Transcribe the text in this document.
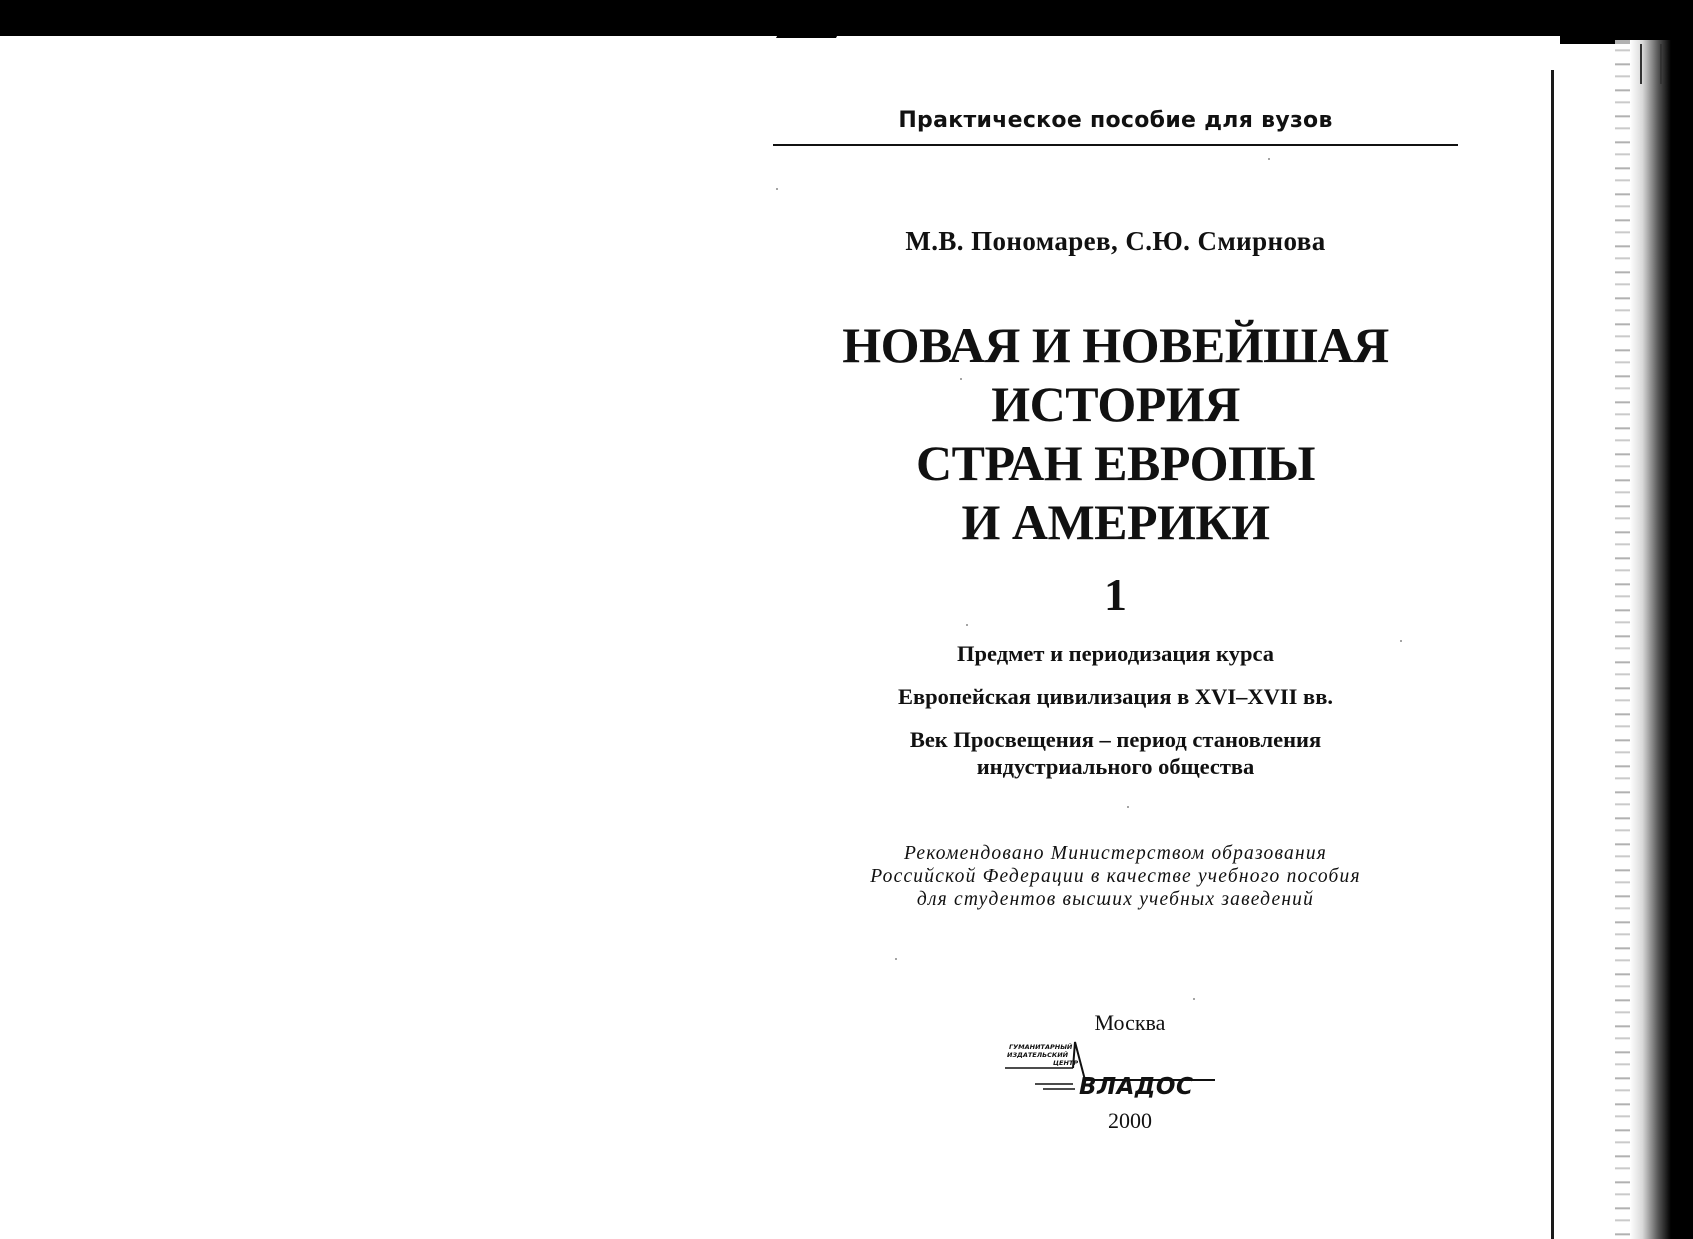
Практическое пособие для вузов
М.В. Пономарев, С.Ю. Смирнова
НОВАЯ И НОВЕЙШАЯ
ИСТОРИЯ
СТРАН ЕВРОПЫ
И АМЕРИКИ
1
Предмет и периодизация курса
Европейская цивилизация в XVI–XVII вв.
Век Просвещения – период становления
индустриального общества
Рекомендовано Министерством образования
Российской Федерации в качестве учебного пособия
для студентов высших учебных заведений
Москва
ГУМАНИТАРНЫЙ
ИЗДАТЕЛЬСКИЙ
ЦЕНТР
ВЛАДОС
2000
